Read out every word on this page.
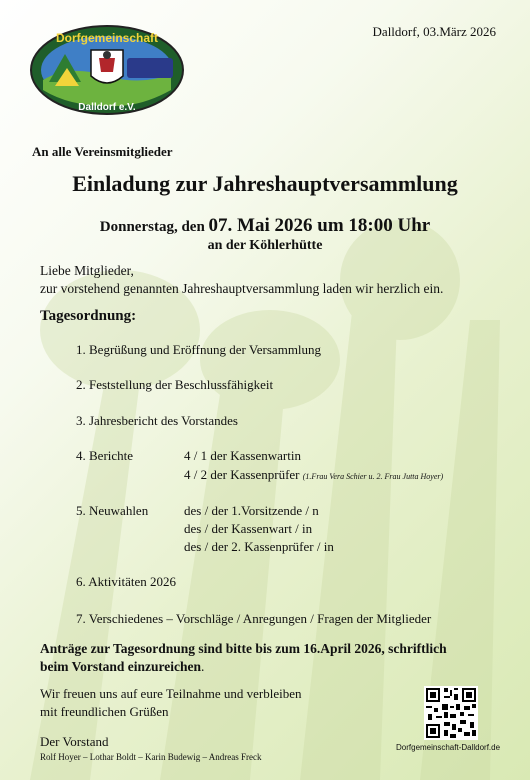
Dorfgemeinschaft
Dalldorf e.V.
Dalldorf, 03.März 2026
An alle Vereinsmitglieder
Einladung zur Jahreshauptversammlung
Donnerstag, den 07. Mai 2026 um 18:00 Uhr
an der Köhlerhütte
Liebe Mitglieder,
zur vorstehend genannten Jahreshauptversammlung laden wir herzlich ein.
Tagesordnung:
1. Begrüßung und Eröffnung der Versammlung
2. Feststellung der Beschlussfähigkeit
3. Jahresbericht des Vorstandes
4. Berichte	4 / 1 der Kassenwartin
4 / 2 der Kassenprüfer (1.Frau Vera Schier u. 2. Frau Jutta Hoyer)
5. Neuwahlen	des / der 1.Vorsitzende / n
des / der Kassenwart / in
des / der 2. Kassenprüfer / in
6. Aktivitäten 2026
7. Verschiedenes – Vorschläge / Anregungen / Fragen der Mitglieder
Anträge zur Tagesordnung sind bitte bis zum 16.April 2026, schriftlich
beim Vorstand einzureichen.
Wir freuen uns auf eure Teilnahme und verbleiben
mit freundlichen Grüßen
Der Vorstand
Rolf Hoyer – Lothar Boldt – Karin Budewig – Andreas Freck
Dorfgemeinschaft-Dalldorf.de
